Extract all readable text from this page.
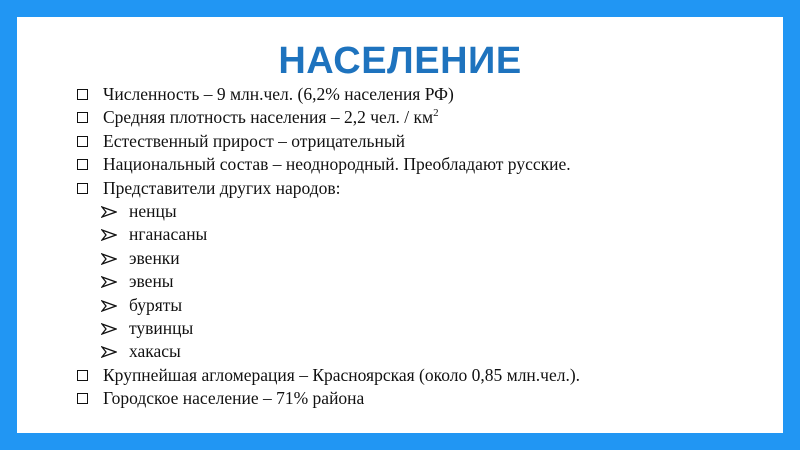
НАСЕЛЕНИЕ
Численность – 9 млн.чел. (6,2% населения РФ)
Средняя плотность населения – 2,2 чел. / $км^2$
Естественный прирост – отрицательный
Национальный состав – неоднородный. Преобладают русские.
Представители других народов:
ненцы
нганасаны
эвенки
эвены
буряты
тувинцы
хакасы
Крупнейшая агломерация – Красноярская (около 0,85 млн.чел.).
Городское население – 71% района
